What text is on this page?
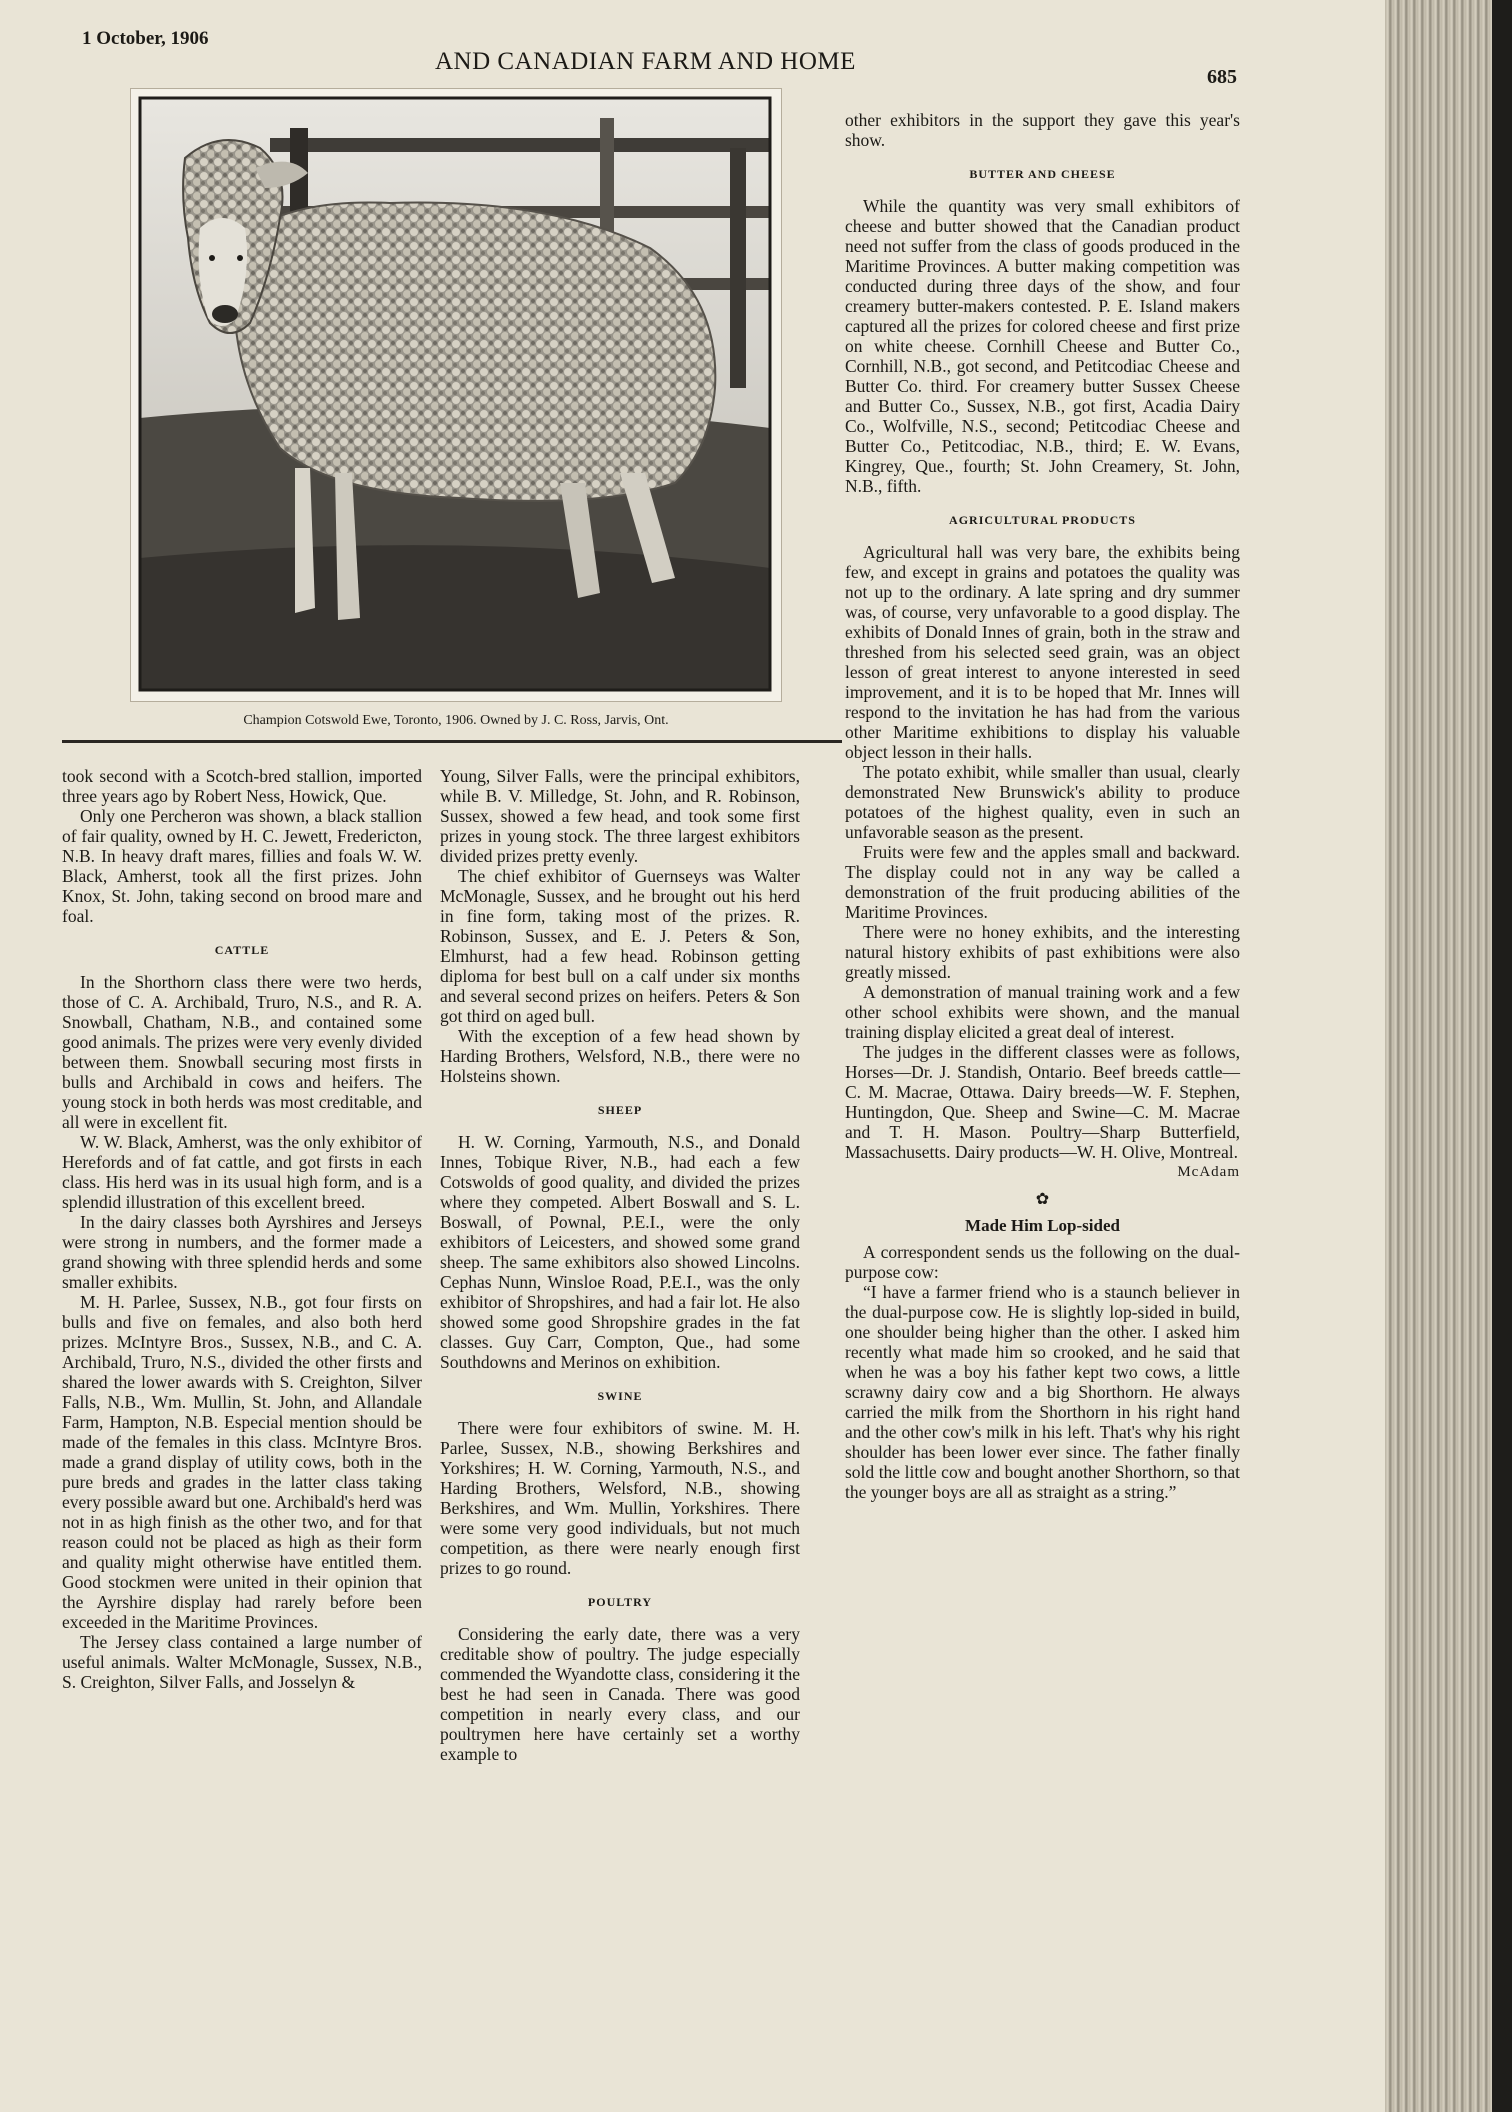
1 October, 1906
AND CANADIAN FARM AND HOME
685
Champion Cotswold Ewe, Toronto, 1906. Owned by J. C. Ross, Jarvis, Ont.

took second with a Scotch-bred stallion, imported three years ago by Robert Ness, Howick, Que.

Only one Percheron was shown, a black stallion of fair quality, owned by H. C. Jewett, Fredericton, N.B. In heavy draft mares, fillies and foals W. W. Black, Amherst, took all the first prizes. John Knox, St. John, taking second on brood mare and foal.

CATTLE

In the Shorthorn class there were two herds, those of C. A. Archibald, Truro, N.S., and R. A. Snowball, Chatham, N.B., and contained some good animals. The prizes were very evenly divided between them. Snowball securing most firsts in bulls and Archibald in cows and heifers. The young stock in both herds was most creditable, and all were in excellent fit.

W. W. Black, Amherst, was the only exhibitor of Herefords and of fat cattle, and got firsts in each class. His herd was in its usual high form, and is a splendid illustration of this excellent breed.

In the dairy classes both Ayrshires and Jerseys were strong in numbers, and the former made a grand showing with three splendid herds and some smaller exhibits.

M. H. Parlee, Sussex, N.B., got four firsts on bulls and five on females, and also both herd prizes. McIntyre Bros., Sussex, N.B., and C. A. Archibald, Truro, N.S., divided the other firsts and shared the lower awards with S. Creighton, Silver Falls, N.B., Wm. Mullin, St. John, and Allandale Farm, Hampton, N.B. Especial mention should be made of the females in this class. McIntyre Bros. made a grand display of utility cows, both in the pure breds and grades in the latter class taking every possible award but one. Archibald's herd was not in as high finish as the other two, and for that reason could not be placed as high as their form and quality might otherwise have entitled them. Good stockmen were united in their opinion that the Ayrshire display had rarely before been exceeded in the Maritime Provinces.

The Jersey class contained a large number of useful animals. Walter McMonagle, Sussex, N.B., S. Creighton, Silver Falls, and Josselyn &

Young, Silver Falls, were the principal exhibitors, while B. V. Milledge, St. John, and R. Robinson, Sussex, showed a few head, and took some first prizes in young stock. The three largest exhibitors divided prizes pretty evenly.

The chief exhibitor of Guernseys was Walter McMonagle, Sussex, and he brought out his herd in fine form, taking most of the prizes. R. Robinson, Sussex, and E. J. Peters & Son, Elmhurst, had a few head. Robinson getting diploma for best bull on a calf under six months and several second prizes on heifers. Peters & Son got third on aged bull.

With the exception of a few head shown by Harding Brothers, Welsford, N.B., there were no Holsteins shown.

SHEEP

H. W. Corning, Yarmouth, N.S., and Donald Innes, Tobique River, N.B., had each a few Cotswolds of good quality, and divided the prizes where they competed. Albert Boswall and S. L. Boswall, of Pownal, P.E.I., were the only exhibitors of Leicesters, and showed some grand sheep. The same exhibitors also showed Lincolns. Cephas Nunn, Winsloe Road, P.E.I., was the only exhibitor of Shropshires, and had a fair lot. He also showed some good Shropshire grades in the fat classes. Guy Carr, Compton, Que., had some Southdowns and Merinos on exhibition.

SWINE

There were four exhibitors of swine. M. H. Parlee, Sussex, N.B., showing Berkshires and Yorkshires; H. W. Corning, Yarmouth, N.S., and Harding Brothers, Welsford, N.B., showing Berkshires, and Wm. Mullin, Yorkshires. There were some very good individuals, but not much competition, as there were nearly enough first prizes to go round.

POULTRY

Considering the early date, there was a very creditable show of poultry. The judge especially commended the Wyandotte class, considering it the best he had seen in Canada. There was good competition in nearly every class, and our poultrymen here have certainly set a worthy example to

other exhibitors in the support they gave this year's show.

BUTTER AND CHEESE

While the quantity was very small exhibitors of cheese and butter showed that the Canadian product need not suffer from the class of goods produced in the Maritime Provinces. A butter making competition was conducted during three days of the show, and four creamery butter-makers contested. P. E. Island makers captured all the prizes for colored cheese and first prize on white cheese. Cornhill Cheese and Butter Co., Cornhill, N.B., got second, and Petitcodiac Cheese and Butter Co. third. For creamery butter Sussex Cheese and Butter Co., Sussex, N.B., got first, Acadia Dairy Co., Wolfville, N.S., second; Petitcodiac Cheese and Butter Co., Petitcodiac, N.B., third; E. W. Evans, Kingrey, Que., fourth; St. John Creamery, St. John, N.B., fifth.

AGRICULTURAL PRODUCTS

Agricultural hall was very bare, the exhibits being few, and except in grains and potatoes the quality was not up to the ordinary. A late spring and dry summer was, of course, very unfavorable to a good display. The exhibits of Donald Innes of grain, both in the straw and threshed from his selected seed grain, was an object lesson of great interest to anyone interested in seed improvement, and it is to be hoped that Mr. Innes will respond to the invitation he has had from the various other Maritime exhibitions to display his valuable object lesson in their halls.

The potato exhibit, while smaller than usual, clearly demonstrated New Brunswick's ability to produce potatoes of the highest quality, even in such an unfavorable season as the present.

Fruits were few and the apples small and backward. The display could not in any way be called a demonstration of the fruit producing abilities of the Maritime Provinces.

There were no honey exhibits, and the interesting natural history exhibits of past exhibitions were also greatly missed.

A demonstration of manual training work and a few other school exhibits were shown, and the manual training display elicited a great deal of interest.

The judges in the different classes were as follows, Horses—Dr. J. Standish, Ontario. Beef breeds cattle—C. M. Macrae, Ottawa. Dairy breeds—W. F. Stephen, Huntingdon, Que. Sheep and Swine—C. M. Macrae and T. H. Mason. Poultry—Sharp Butterfield, Massachusetts. Dairy products—W. H. Olive, Montreal.

McAdam

✿
Made Him Lop-sided

A correspondent sends us the following on the dual-purpose cow:

“I have a farmer friend who is a staunch believer in the dual-purpose cow. He is slightly lop-sided in build, one shoulder being higher than the other. I asked him recently what made him so crooked, and he said that when he was a boy his father kept two cows, a little scrawny dairy cow and a big Shorthorn. He always carried the milk from the Shorthorn in his right hand and the other cow's milk in his left. That's why his right shoulder has been lower ever since. The father finally sold the little cow and bought another Shorthorn, so that the younger boys are all as straight as a string.”
